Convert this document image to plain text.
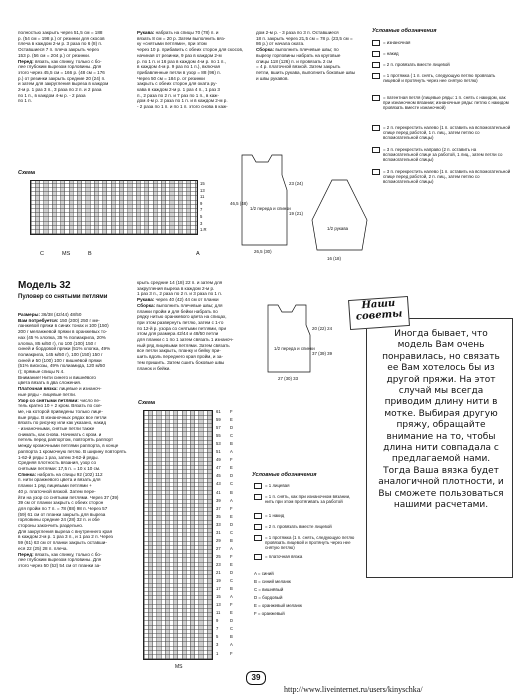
полностью закрыть через 51,5 см = 188

р. (54 см = 198 р.) от резинки для скосов

плеча в каждом 2-м р. 3 раза по 6 (8) п.

Оставшиеся 7 п. плеча закрыть через

153 р. (56 см = 204 р.) от резинки.

Перед: вязать, как спинку, только с бо-

лее глубоким вырезом горловины. Для

этого через 45,5 см = 166 р. (48 см = 176

р.) от резинки закрыть средние 20 (24) п.

и затем для закругления выреза в каждом

2-м р. 1 раз 3 п., 3 раза по 2 п. и 2 раза

по 1 п., в каждом 4-м р. - 2 раза

по 1 п.

Рукава: набрать на спицы 70 (78) п. и

вязать 8 см = 20 р. Затем выполнить вяз-

ку «снятыми петлями», при этом

через 10 р. прибавить с обеих сторон для скосов,

начиная от резинки, 9 раз в каждом 2-м

р. по 1 п. и 16 раз в каждом 4-м р. по 1 п.,

в каждом 4-м р. 9 раз по 1 п.), включая

прибавленные петли в узор = 88 (96) п.

Через 50 см = 184 р. от резинки

закрыть с обеих сторон для оката ру-

кава в каждом 2-м р. 1 раз 4 п., 1 раз 3

п., 2 раза по 2 п. и 7 раз по 1 п., в каж-

дом 4-м р. 2 раза по 1 п. и в каждом 2-м р.

- 2 раза по 1 п. и по 1 п. этого снова в каж-

дом 2-м р. - 3 раза по 3 п. Оставшиеся

18 п. закрыть через 21,5 см = 78 р. (23,5 см =

86 р.) от начала оката.

Сборка: выполнить плечевые швы; по

вырезу горловины набрать на круговые

спицы 118 (126) п. и провязать 2 см

= 4 р. платочной вязкой. Затем закрыть

петли, вшить рукава, выполнить боковые швы

и швы рукавов.

Условные обозначения
= изнаночная
= накид
= 2 п. провязать вместе лицевой
= 1 протяжка ( 1 п. снять, следующую петлю провязать лицевой и протянуть через нее снятую петлю)
= патентная петля (лицевые ряды: 1 п. снять с накидом, как при изнаночном вязании; изнаночные ряды: петлю с накидом провязать вместе изнаночной)
= 2 п. перекрестить налево (1 п. оставить на вспомогательной спице перед работой, 1 п. лиц., затем петлю со вспомогательной спицы)
= 3 п. перекрестить направо (2 п. оставить на вспомогательной спице за работой, 1 лиц., затем петли со вспомогательной спицы)
= 3 п. перекрестить налево (1 п. оставить на вспомогательной спице перед работой, 2 п. лиц., затем петлю со вспомогательной спицы)
Схема
15
13
11
9
7
5
3
1.R
C	MS	B	A
1/2 переда и спинки
26,5 (30)
46,5 (48)
23 (24)
19 (21)
1/2 рукава
16 (18)
Модель 32
Пуловер со снятыми петлями

Размеры: 36/38 (42/44) 48/50

Вам потребуется: 150 (200) 250 г ме-

ланжевой пряжи в синих тонах и 100 (150)

200 г меланжевой пряжи в оранжевых то-

нах (45 % хлопка, 35 % полиакрила, 20%

хлопка, 85 м/50 г), по 100 (100) 150 г

синей и бордовой пряжи (51% хлопка, 49%

полиакрила, 145 м/50 г), 100 (150) 150 г

синей и 50 (100) 100 г вишнёвой пряжи

(51% вискозы, 49% полиамида, 120 м/50

г); прямые спицы N 4.

Внимание! Нити синего и вишнёвого

цвета вязать в два сложения.

Платочная вязка: лицевые и изнаноч-

ные ряды - лицевые петли.

Узор со снятыми петлями: число пе-

тель кратно 10 + 2 кром. Вязать по схе-

ме, на которой приведены только лице-

вые ряды. В изнаночных рядах все петли

вязать по рисунку или как указано, накид

- изнаночными, снятые петли также

снимать, как снова. Начинать с кром. и

петель перед раппортом, повторять раппорт

между кромочными петлями раппорта, в конце

раппорта 1 кромочную петлю. В ширину повторять

1-62-й ряды 1 раз, затем 3-62-й ряды.

Средняя плотность вязания, узор со

снятыми петлями: 17,5 п. = 10 х 10 см.

Спинка: набрать на спицы 92 (102) 112

п. нити оранжевого цвета и вязать для

планки 1 ряд лицевыми петлями +

40 р. платочной вязкой. Затем пере-

йти на узор со снятыми петлями. Через 37 (39)

39 см от планки закрыть с обеих сторон

для пройм по 7 п. = 78 (88) 98 п. Через 57

(59) 61 см от планки закрыть для выреза

горловины средние 24 (28) 32 п. и обе

стороны закончить раздельно.

Для закругления выреза с внутреннего края

в каждом 2-м р. 1 раз 3 п., и 1 раз 2 п. Через

59 (61) 63 см от планки закрыть оставши-

еся 22 (25) 28 п. плеча.

Перед: вязать, как спинку, только с бо-

лее глубоким вырезом горловины. Для

этого через 50 (52) 54 см от планки за-

крыть средние 14 (18) 22 п. и затем для

закругления выреза в каждом 2-м р.

1 раз 3 п., 2 раза по 2 п. и 3 раза по 1 п.

Рукава: через 40 (42) 44 см от планки

Сборка: выполнить плечевые швы; для

планки пройм и для бейки набрать по

рядку нитью оранжевого цвета на спицах,

при этом развернуть петлю, затем с 1-го

по 12-й р. узора со снятыми петлями, при

этом для размера 42/44 и 48/50 петли

для планки с 1 по 1 затем связать 1 изнаноч-

ный ряд лицевыми петлями. Затем связать

все петли закрыть, планку и бейку при-

шить вдоль переднего края пройм, и за-

тем пришить. Затем сшить боковые швы

планок и бейки.

1/2 переда и спинки
37 (39) 39
20 (22) 24
27 (30) 33
Схема
61
59
57
55
53
51
49
47
45
43
41
39
37
35
33
31
29
27
25
23
21
19
17
15
13
11
9
7
5
3
1
F
E
D
C
B
A
F
E
D
C
B
A
F
E
D
C
B
A
F
E
D
C
B
A
F
E
D
C
B
A
F
MS
Условные обозначения
= 1 лицевая
= 1 п. снять, как при изнаночном вязании, нить при этом протягивать за работой
= 1 накид
= 2 п. провязать вместе лицевой
= 1 протяжка (1 п. снять, следующую петлю провязать лицевой и протянуть через нее снятую петлю)
= платочная вязка
A = синий
B = синий меланж
C = вишнёвый
D = бордовый
E = оранжевый меланж
F = оранжевый
Иногда бывает, что модель Вам очень понравилась, но связать ее Вам хотелось бы из другой пряжи. На этот случай мы всегда приводим длину нити в мотке. Выбирая другую пряжу, обращайте внимание на то, чтобы длина нити совпадала с предлагаемой нами. Тогда Ваша вязка будет аналогичной плотности, и Вы сможете пользоваться нашими расчетами.
Наши советы
39
http://www.liveinternet.ru/users/kinyschka/
